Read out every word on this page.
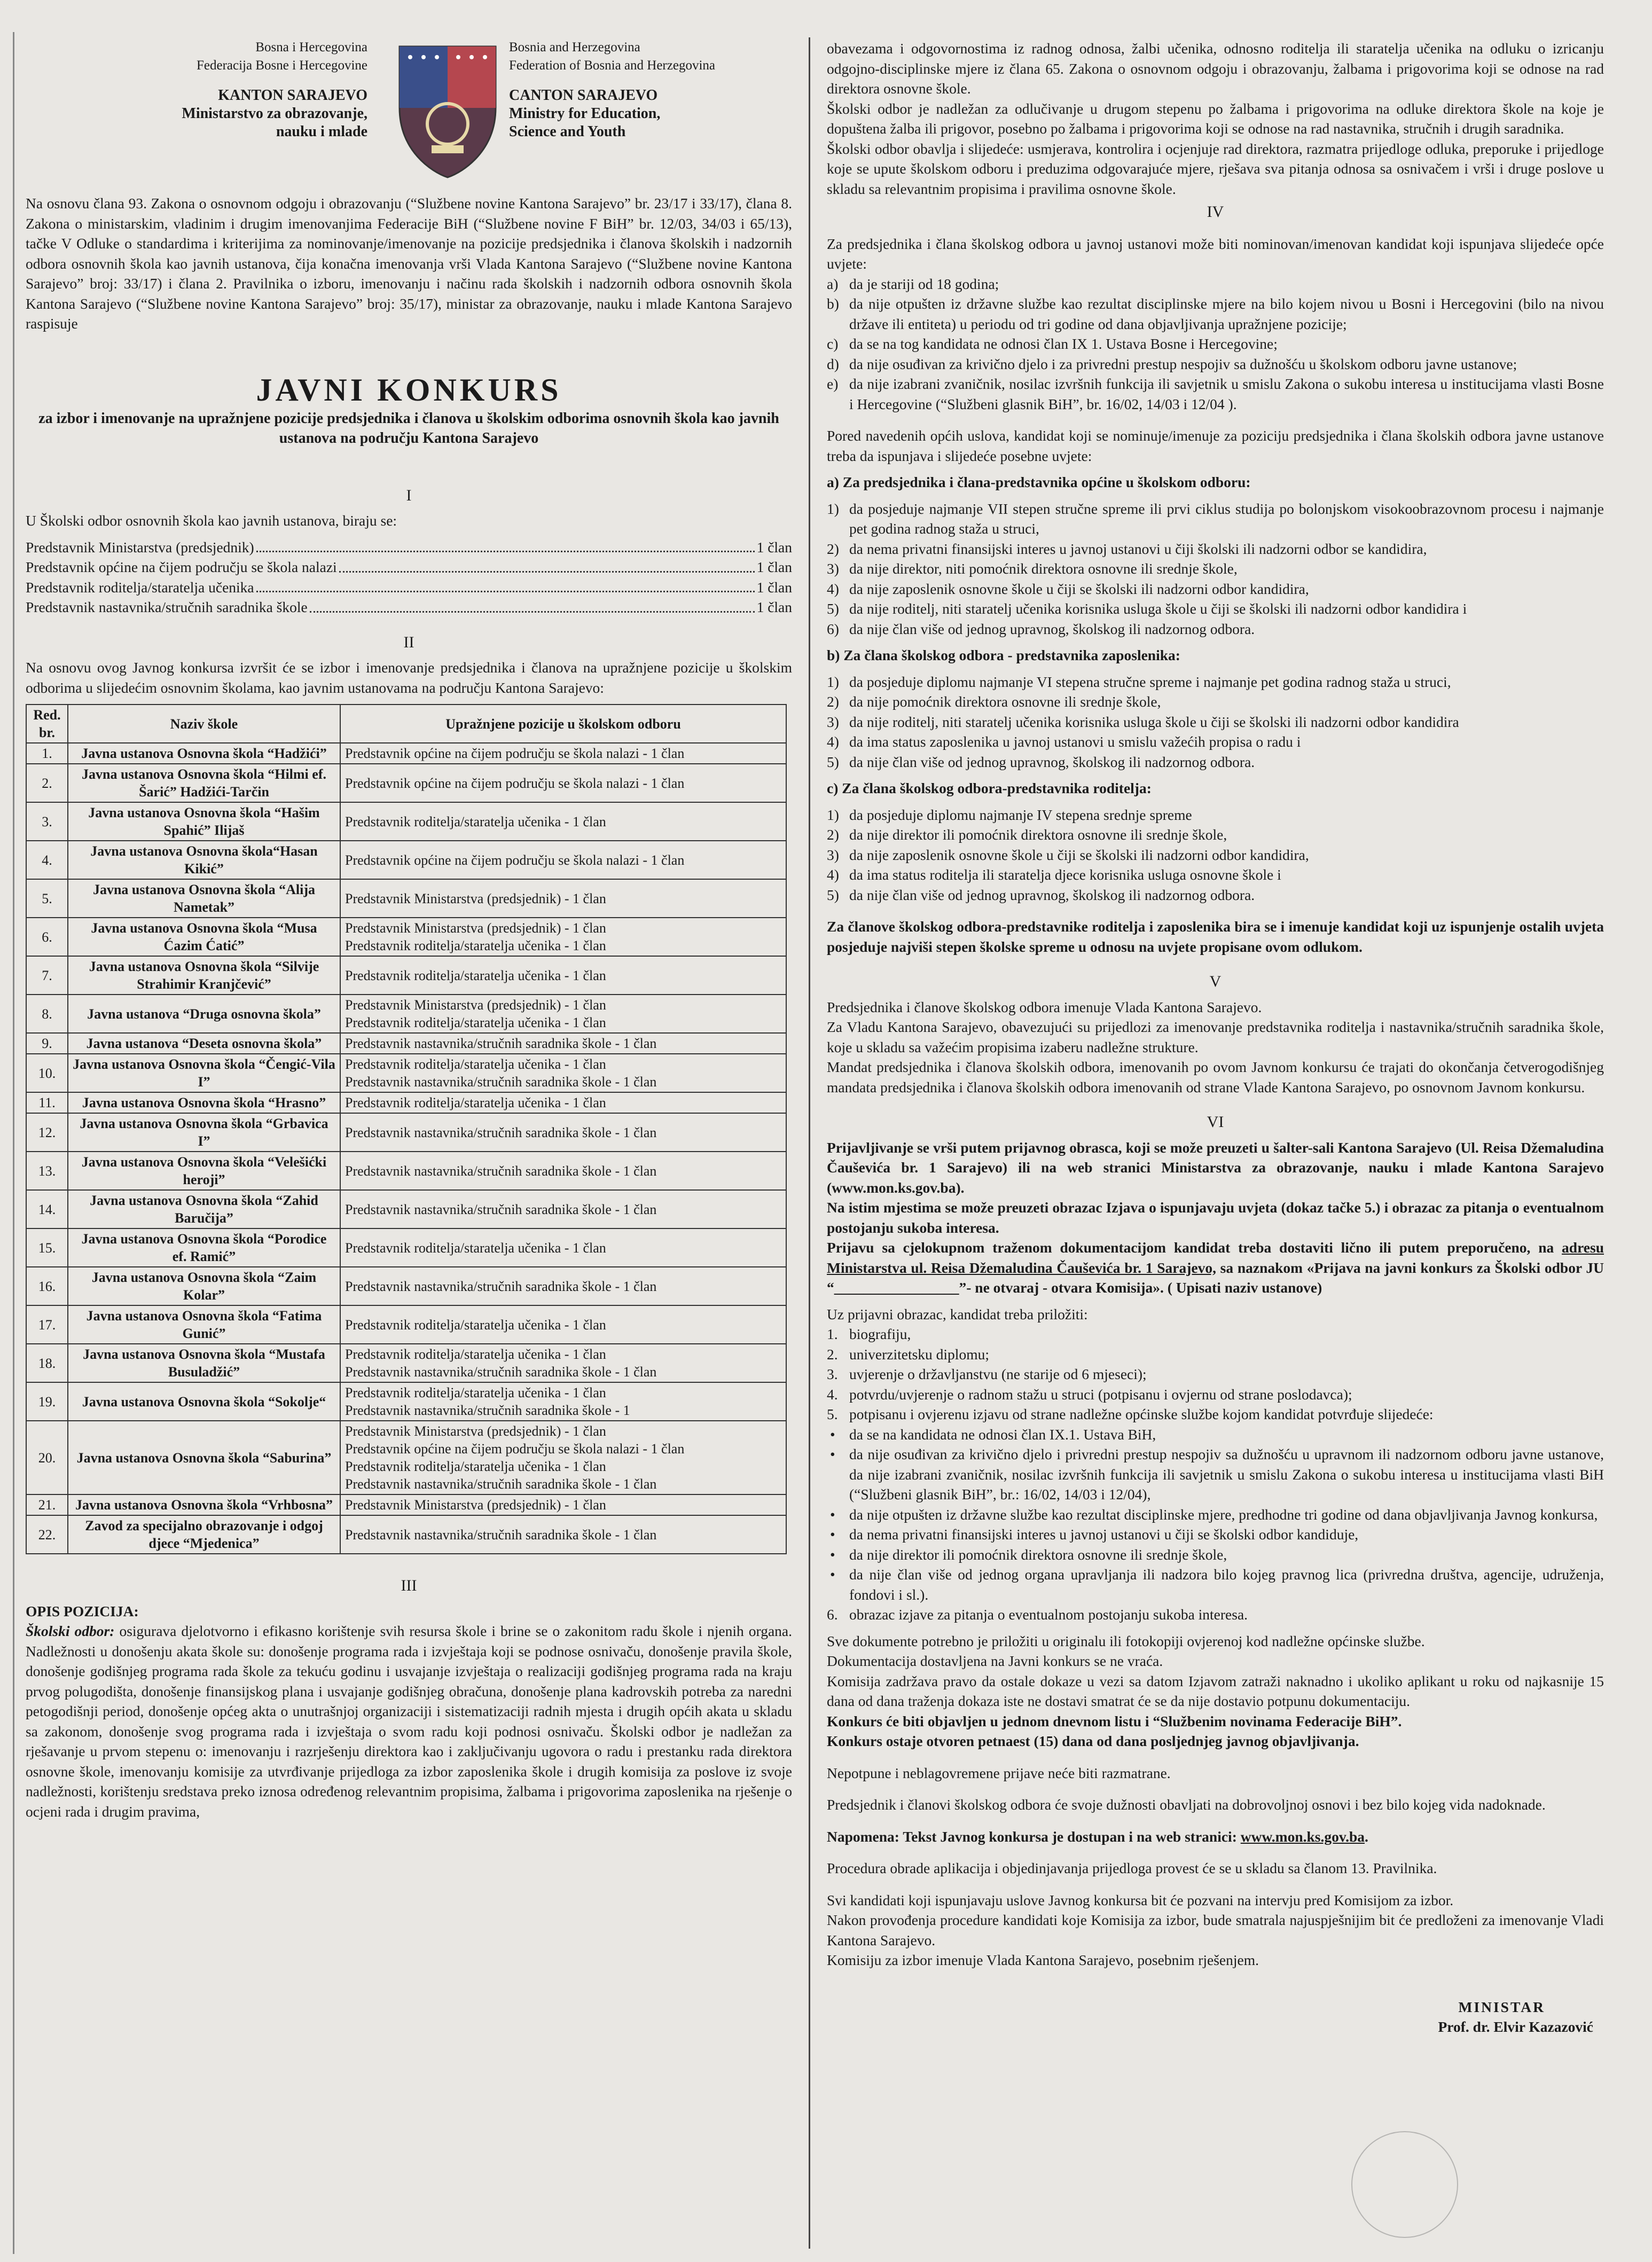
Bosna i Hercegovina
Federacija Bosne i Hercegovine
KANTON SARAJEVO
Ministarstvo za obrazovanje,
nauku i mlade
Bosnia and Herzegovina
Federation of Bosnia and Herzegovina
CANTON SARAJEVO
Ministry for Education,
Science and Youth

Na osnovu člana 93. Zakona o osnovnom odgoju i obrazovanju (“Službene novine Kantona Sarajevo” br. 23/17 i 33/17), člana 8. Zakona o ministarskim, vladinim i drugim imenovanjima Federacije BiH (“Službene novine F BiH” br. 12/03, 34/03 i 65/13), tačke V Odluke o standardima i kriterijima za nominovanje/imenovanje na pozicije predsjednika i članova školskih i nadzornih odbora osnovnih škola kao javnih ustanova, čija konačna imenovanja vrši Vlada Kantona Sarajevo (“Službene novine Kantona Sarajevo” broj: 33/17) i člana 2. Pravilnika o izboru, imenovanju i načinu rada školskih i nadzornih odbora osnovnih škola Kantona Sarajevo (“Službene novine Kantona Sarajevo” broj: 35/17), ministar za obrazovanje, nauku i mlade Kantona Sarajevo raspisuje

JAVNI KONKURS
za izbor i imenovanje na upražnjene pozicije predsjednika i članova u školskim odborima osnovnih škola kao javnih ustanova na području Kantona Sarajevo
I

U Školski odbor osnovnih škola kao javnih ustanova, biraju se:

Predstavnik Ministarstva (predsjednik)	1 član
Predstavnik općine na čijem području se škola nalazi	1 član
Predstavnik roditelja/staratelja učenika	1 član
Predstavnik nastavnika/stručnih saradnika škole	1 član
II

Na osnovu ovog Javnog konkursa izvršit će se izbor i imenovanje predsjednika i članova na upražnjene pozicije u školskim odborima u slijedećim osnovnim školama, kao javnim ustanovama na području Kantona Sarajevo:

Red. br.	Naziv škole	Upražnjene pozicije u školskom odboru
1.	Javna ustanova Osnovna škola “Hadžići”	Predstavnik općine na čijem području se škola nalazi - 1 član

2.	Javna ustanova Osnovna škola “Hilmi ef. Šarić” Hadžići-Tarčin	Predstavnik općine na čijem području se škola nalazi - 1 član

3.	Javna ustanova Osnovna škola “Hašim Spahić” Ilijaš	Predstavnik roditelja/staratelja učenika - 1 član

4.	Javna ustanova Osnovna škola“Hasan Kikić”	Predstavnik općine na čijem području se škola nalazi - 1 član

5.	Javna ustanova Osnovna škola “Alija Nametak”	Predstavnik Ministarstva (predsjednik) - 1 član

6.	Javna ustanova Osnovna škola “Musa Ćazim Ćatić”	Predstavnik Ministarstva (predsjednik) - 1 član
Predstavnik roditelja/staratelja učenika - 1 član

7.	Javna ustanova Osnovna škola “Silvije Strahimir Kranjčević”	Predstavnik roditelja/staratelja učenika - 1 član

8.	Javna ustanova “Druga osnovna škola”	Predstavnik Ministarstva (predsjednik) - 1 član
Predstavnik roditelja/staratelja učenika - 1 član

9.	Javna ustanova “Deseta osnovna škola”	Predstavnik nastavnika/stručnih saradnika škole - 1 član

10.	Javna ustanova Osnovna škola “Čengić-Vila I”	Predstavnik roditelja/staratelja učenika - 1 član
Predstavnik nastavnika/stručnih saradnika škole - 1 član

11.	Javna ustanova Osnovna škola “Hrasno”	Predstavnik roditelja/staratelja učenika - 1 član

12.	Javna ustanova Osnovna škola “Grbavica I”	Predstavnik nastavnika/stručnih saradnika škole - 1 član

13.	Javna ustanova Osnovna škola “Velešićki heroji”	Predstavnik nastavnika/stručnih saradnika škole - 1 član

14.	Javna ustanova Osnovna škola “Zahid Baručija”	Predstavnik nastavnika/stručnih saradnika škole - 1 član

15.	Javna ustanova Osnovna škola “Porodice ef. Ramić”	Predstavnik roditelja/staratelja učenika - 1 član

16.	Javna ustanova Osnovna škola “Zaim Kolar”	Predstavnik nastavnika/stručnih saradnika škole - 1 član

17.	Javna ustanova Osnovna škola “Fatima Gunić”	Predstavnik roditelja/staratelja učenika - 1 član

18.	Javna ustanova Osnovna škola “Mustafa Busuladžić”	Predstavnik roditelja/staratelja učenika - 1 član
Predstavnik nastavnika/stručnih saradnika škole - 1 član

19.	Javna ustanova Osnovna škola “Sokolje“	Predstavnik roditelja/staratelja učenika - 1 član
Predstavnik nastavnika/stručnih saradnika škole - 1

20.	Javna ustanova Osnovna škola “Saburina”	Predstavnik Ministarstva (predsjednik) - 1 član
Predstavnik općine na čijem području se škola nalazi - 1 član
Predstavnik roditelja/staratelja učenika - 1 član
Predstavnik nastavnika/stručnih saradnika škole - 1 član

21.	Javna ustanova Osnovna škola “Vrhbosna”	Predstavnik Ministarstva (predsjednik) - 1 član

22.	Zavod za specijalno obrazovanje i odgoj djece “Mjedenica”	Predstavnik nastavnika/stručnih saradnika škole - 1 član
III
OPIS POZICIJA:

Školski odbor: osigurava djelotvorno i efikasno korištenje svih resursa škole i brine se o zakonitom radu škole i njenih organa. Nadležnosti u donošenju akata škole su: donošenje programa rada i izvještaja koji se podnose osnivaču, donošenje pravila škole, donošenje godišnjeg programa rada škole za tekuću godinu i usvajanje izvještaja o realizaciji godišnjeg programa rada na kraju prvog polugodišta, donošenje finansijskog plana i usvajanje godišnjeg obračuna, donošenje plana kadrovskih potreba za naredni petogodišnji period, donošenje općeg akta o unutrašnjoj organizaciji i sistematizaciji radnih mjesta i drugih općih akata u skladu sa zakonom, donošenje svog programa rada i izvještaja o svom radu koji podnosi osnivaču. Školski odbor je nadležan za rješavanje u prvom stepenu o: imenovanju i razrješenju direktora kao i zaključivanju ugovora o radu i prestanku rada direktora osnovne škole, imenovanju komisije za utvrđivanje prijedloga za izbor zaposlenika škole i drugih komisija za poslove iz svoje nadležnosti, korištenju sredstava preko iznosa određenog relevantnim propisima, žalbama i prigovorima zaposlenika na rješenje o ocjeni rada i drugim pravima,

obavezama i odgovornostima iz radnog odnosa, žalbi učenika, odnosno roditelja ili staratelja učenika na odluku o izricanju odgojno-disciplinske mjere iz člana 65. Zakona o osnovnom odgoju i obrazovanju, žalbama i prigovorima koji se odnose na rad direktora osnovne škole.

Školski odbor je nadležan za odlučivanje u drugom stepenu po žalbama i prigovorima na odluke direktora škole na koje je dopuštena žalba ili prigovor, posebno po žalbama i prigovorima koji se odnose na rad nastavnika, stručnih i drugih saradnika.

Školski odbor obavlja i slijedeće: usmjerava, kontrolira i ocjenjuje rad direktora, razmatra prijedloge odluka, preporuke i prijedloge koje se upute školskom odboru i preduzima odgovarajuće mjere, rješava sva pitanja odnosa sa osnivačem i vrši i druge poslove u skladu sa relevantnim propisima i pravilima osnovne škole.

IV

Za predsjednika i člana školskog odbora u javnoj ustanovi može biti nominovan/imenovan kandidat koji ispunjava slijedeće opće uvjete:

a) da je stariji od 18 godina;
b) da nije otpušten iz državne službe kao rezultat disciplinske mjere na bilo kojem nivou u Bosni i Hercegovini (bilo na nivou države ili entiteta) u periodu od tri godine od dana objavljivanja upražnjene pozicije;
c) da se na tog kandidata ne odnosi član IX 1. Ustava Bosne i Hercegovine;
d) da nije osuđivan za krivično djelo i za privredni prestup nespojiv sa dužnošću u školskom odboru javne ustanove;
e) da nije izabrani zvaničnik, nosilac izvršnih funkcija ili savjetnik u smislu Zakona o sukobu interesa u institucijama vlasti Bosne i Hercegovine (“Službeni glasnik BiH”, br. 16/02, 14/03 i 12/04 ).

Pored navedenih općih uslova, kandidat koji se nominuje/imenuje za poziciju predsjednika i člana školskih odbora javne ustanove treba da ispunjava i slijedeće posebne uvjete:

a) Za predsjednika i člana-predstavnika općine u školskom odboru:
1) da posjeduje najmanje VII stepen stručne spreme ili prvi ciklus studija po bolonjskom visokoobrazovnom procesu i najmanje pet godina radnog staža u struci,
2) da nema privatni finansijski interes u javnoj ustanovi u čiji školski ili nadzorni odbor se kandidira,
3) da nije direktor, niti pomoćnik direktora osnovne ili srednje škole,
4) da nije zaposlenik osnovne škole u čiji se školski ili nadzorni odbor kandidira,
5) da nije roditelj, niti staratelj učenika korisnika usluga škole u čiji se školski ili nadzorni odbor kandidira i
6) da nije član više od jednog upravnog, školskog ili nadzornog odbora.
b) Za člana školskog odbora - predstavnika zaposlenika:
1) da posjeduje diplomu najmanje VI stepena stručne spreme i najmanje pet godina radnog staža u struci,
2) da nije pomoćnik direktora osnovne ili srednje škole,
3) da nije roditelj, niti staratelj učenika korisnika usluga škole u čiji se školski ili nadzorni odbor kandidira
4) da ima status zaposlenika u javnoj ustanovi u smislu važećih propisa o radu i
5) da nije član više od jednog upravnog, školskog ili nadzornog odbora.
c) Za člana školskog odbora-predstavnika roditelja:
1) da posjeduje diplomu najmanje IV stepena srednje spreme
2) da nije direktor ili pomoćnik direktora osnovne ili srednje škole,
3) da nije zaposlenik osnovne škole u čiji se školski ili nadzorni odbor kandidira,
4) da ima status roditelja ili staratelja djece korisnika usluga osnovne škole i
5) da nije član više od jednog upravnog, školskog ili nadzornog odbora.

Za članove školskog odbora-predstavnike roditelja i zaposlenika bira se i imenuje kandidat koji uz ispunjenje ostalih uvjeta posjeduje najviši stepen školske spreme u odnosu na uvjete propisane ovom odlukom.

V

Predsjednika i članove školskog odbora imenuje Vlada Kantona Sarajevo.

Za Vladu Kantona Sarajevo, obavezujući su prijedlozi za imenovanje predstavnika roditelja i nastavnika/stručnih saradnika škole, koje u skladu sa važećim propisima izaberu nadležne strukture.

Mandat predsjednika i članova školskih odbora, imenovanih po ovom Javnom konkursu će trajati do okončanja četverogodišnjeg mandata predsjednika i članova školskih odbora imenovanih od strane Vlade Kantona Sarajevo, po osnovnom Javnom konkursu.

VI

Prijavljivanje se vrši putem prijavnog obrasca, koji se može preuzeti u šalter-sali Kantona Sarajevo (Ul. Reisa Džemaludina Čauševića br. 1 Sarajevo) ili na web stranici Ministarstva za obrazovanje, nauku i mlade Kantona Sarajevo (www.mon.ks.gov.ba).

Na istim mjestima se može preuzeti obrazac Izjava o ispunjavaju uvjeta (dokaz tačke 5.) i obrazac za pitanja o eventualnom postojanju sukoba interesa.

Prijavu sa cjelokupnom traženom dokumentacijom kandidat treba dostaviti lično ili putem preporučeno, na adresu Ministarstva ul. Reisa Džemaludina Čauševića br. 1 Sarajevo, sa naznakom «Prijava na javni konkurs za Školski odbor JU “_________________”- ne otvaraj - otvara Komisija». ( Upisati naziv ustanove)

Uz prijavni obrazac, kandidat treba priložiti:

1. biografiju,
2. univerzitetsku diplomu;
3. uvjerenje o državljanstvu (ne starije od 6 mjeseci);
4. potvrdu/uvjerenje o radnom stažu u struci (potpisanu i ovjernu od strane poslodavca);
5. potpisanu i ovjerenu izjavu od strane nadležne općinske službe kojom kandidat potvrđuje slijedeće:
• da se na kandidata ne odnosi član IX.1. Ustava BiH,
• da nije osuđivan za krivično djelo i privredni prestup nespojiv sa dužnošću u upravnom ili nadzornom odboru javne ustanove, da nije izabrani zvaničnik, nosilac izvršnih funkcija ili savjetnik u smislu Zakona o sukobu interesa u institucijama vlasti BiH (“Službeni glasnik BiH”, br.: 16/02, 14/03 i 12/04),
• da nije otpušten iz državne službe kao rezultat disciplinske mjere, predhodne tri godine od dana objavljivanja Javnog konkursa,
• da nema privatni finansijski interes u javnoj ustanovi u čiji se školski odbor kandiduje,
• da nije direktor ili pomoćnik direktora osnovne ili srednje škole,
• da nije član više od jednog organa upravljanja ili nadzora bilo kojeg pravnog lica (privredna društva, agencije, udruženja, fondovi i sl.).
6. obrazac izjave za pitanja o eventualnom postojanju sukoba interesa.

Sve dokumente potrebno je priložiti u originalu ili fotokopiji ovjerenoj kod nadležne općinske službe.

Dokumentacija dostavljena na Javni konkurs se ne vraća.

Komisija zadržava pravo da ostale dokaze u vezi sa datom Izjavom zatraži naknadno i ukoliko aplikant u roku od najkasnije 15 dana od dana traženja dokaza iste ne dostavi smatrat će se da nije dostavio potpunu dokumentaciju.

Konkurs će biti objavljen u jednom dnevnom listu i “Službenim novinama Federacije BiH”.

Konkurs ostaje otvoren petnaest (15) dana od dana posljednjeg javnog objavljivanja.

Nepotpune i neblagovremene prijave neće biti razmatrane.

Predsjednik i članovi školskog odbora će svoje dužnosti obavljati na dobrovoljnoj osnovi i bez bilo kojeg vida nadoknade.

Napomena: Tekst Javnog konkursa je dostupan i na web stranici: www.mon.ks.gov.ba.

Procedura obrade aplikacija i objedinjavanja prijedloga provest će se u skladu sa članom 13. Pravilnika.

Svi kandidati koji ispunjavaju uslove Javnog konkursa bit će pozvani na intervju pred Komisijom za izbor.

Nakon provođenja procedure kandidati koje Komisija za izbor, bude smatrala najuspješnijim bit će predloženi za imenovanje Vladi Kantona Sarajevo.

Komisiju za izbor imenuje Vlada Kantona Sarajevo, posebnim rješenjem.

MINISTAR
Prof. dr. Elvir Kazazović
